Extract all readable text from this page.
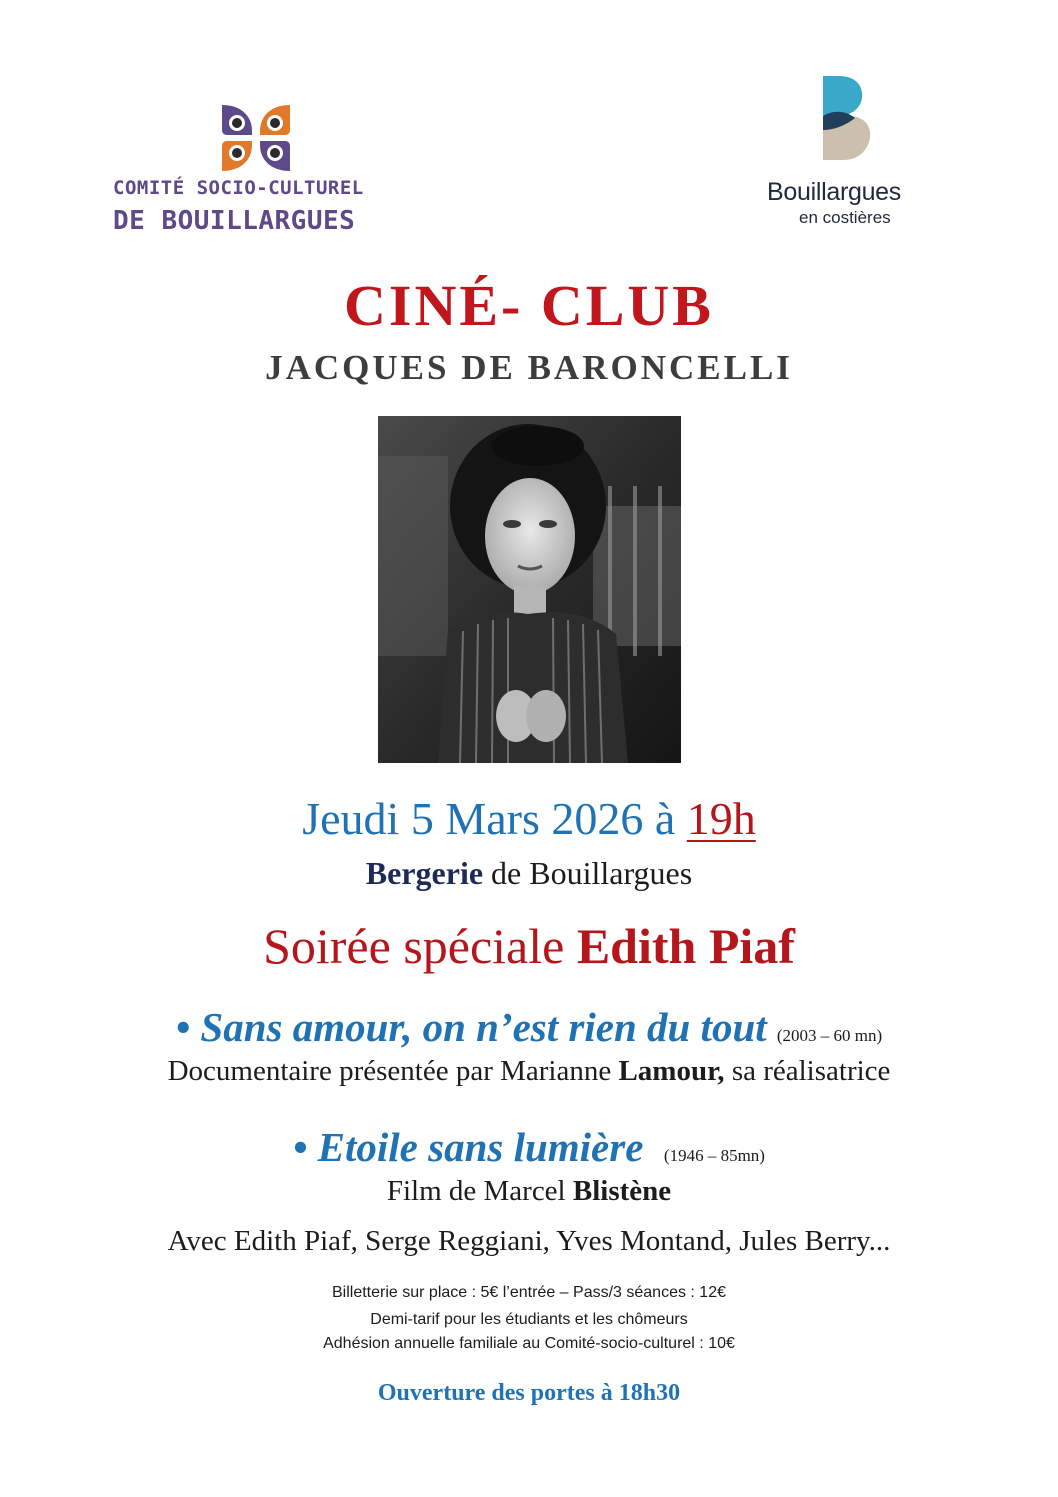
COMITÉ SOCIO-CULTUREL
DE BOUILLARGUES
Bouillargues
en costières
CINÉ- CLUB
JACQUES DE BARONCELLI
Jeudi 5 Mars 2026 à 19h
Bergerie de Bouillargues
Soirée spéciale Edith Piaf
• Sans amour, on n’est rien du tout (2003 – 60 mn)
Documentaire présentée par Marianne Lamour, sa réalisatrice
• Etoile sans lumière (1946 – 85mn)
Film de Marcel Blistène
Avec Edith Piaf, Serge Reggiani, Yves Montand, Jules Berry...
Billetterie sur place : 5€ l’entrée – Pass/3 séances : 12€
Demi-tarif pour les étudiants et les chômeurs
Adhésion annuelle familiale au Comité-socio-culturel : 10€
Ouverture des portes à 18h30
